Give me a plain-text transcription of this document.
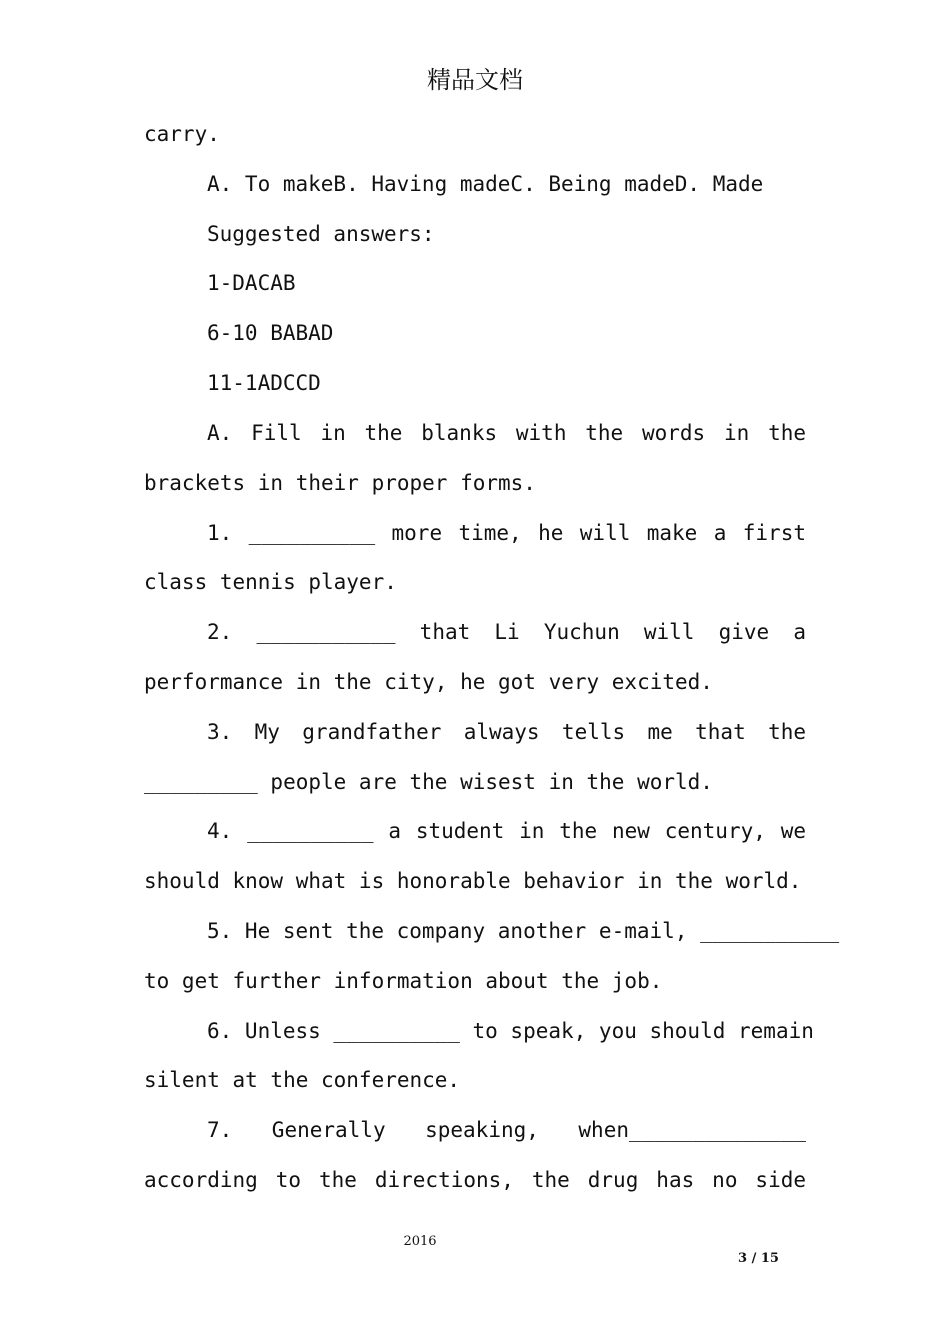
精品文档
carry.
A. To makeB. Having madeC. Being madeD. Made
Suggested answers:
1-DACAB
6-10 BABAD
11-1ADCCD
A. Fill in the blanks with the words in the
brackets in their proper forms.
1. __________ more time, he will make a first
class tennis player.
2. ___________ that Li Yuchun will give a
performance in the city, he got very excited.
3. My grandfather always tells me that the
_________ people are the wisest in the world.
4. __________ a student in the new century, we
should know what is honorable behavior in the world.
5. He sent the company another e-mail, ___________
to get further information about the job.
6. Unless __________ to speak, you should remain
silent at the conference.
7. Generally speaking, when______________
according to the directions, the drug has no side
2016
3 / 15
